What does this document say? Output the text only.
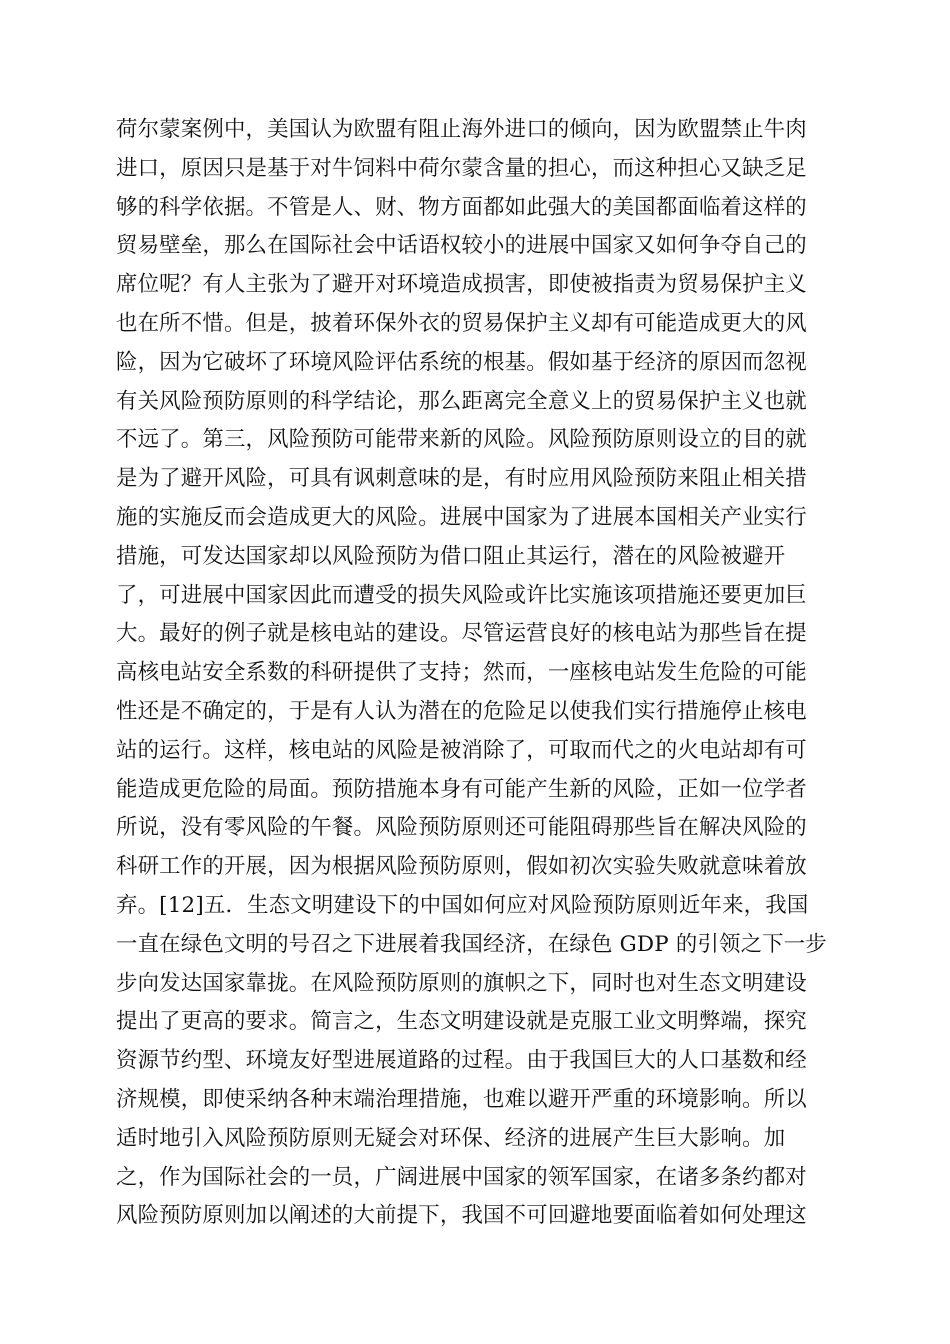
荷尔蒙案例中，美国认为欧盟有阻止海外进口的倾向，因为欧盟禁止牛肉
进口，原因只是基于对牛饲料中荷尔蒙含量的担心，而这种担心又缺乏足
够的科学依据。不管是人、财、物方面都如此强大的美国都面临着这样的
贸易壁垒，那么在国际社会中话语权较小的进展中国家又如何争夺自己的
席位呢？有人主张为了避开对环境造成损害，即使被指责为贸易保护主义
也在所不惜。但是，披着环保外衣的贸易保护主义却有可能造成更大的风
险，因为它破坏了环境风险评估系统的根基。假如基于经济的原因而忽视
有关风险预防原则的科学结论，那么距离完全意义上的贸易保护主义也就
不远了。第三，风险预防可能带来新的风险。风险预防原则设立的目的就
是为了避开风险，可具有讽刺意味的是，有时应用风险预防来阻止相关措
施的实施反而会造成更大的风险。进展中国家为了进展本国相关产业实行
措施，可发达国家却以风险预防为借口阻止其运行，潜在的风险被避开
了，可进展中国家因此而遭受的损失风险或许比实施该项措施还要更加巨
大。最好的例子就是核电站的建设。尽管运营良好的核电站为那些旨在提
高核电站安全系数的科研提供了支持；然而，一座核电站发生危险的可能
性还是不确定的，于是有人认为潜在的危险足以使我们实行措施停止核电
站的运行。这样，核电站的风险是被消除了，可取而代之的火电站却有可
能造成更危险的局面。预防措施本身有可能产生新的风险，正如一位学者
所说，没有零风险的午餐。风险预防原则还可能阻碍那些旨在解决风险的
科研工作的开展，因为根据风险预防原则，假如初次实验失败就意味着放
弃。[12]五．生态文明建设下的中国如何应对风险预防原则近年来，我国
一直在绿色文明的号召之下进展着我国经济，在绿色 GDP 的引领之下一步
步向发达国家靠拢。在风险预防原则的旗帜之下，同时也对生态文明建设
提出了更高的要求。简言之，生态文明建设就是克服工业文明弊端，探究
资源节约型、环境友好型进展道路的过程。由于我国巨大的人口基数和经
济规模，即使采纳各种末端治理措施，也难以避开严重的环境影响。所以
适时地引入风险预防原则无疑会对环保、经济的进展产生巨大影响。加
之，作为国际社会的一员，广阔进展中国家的领军国家，在诸多条约都对
风险预防原则加以阐述的大前提下，我国不可回避地要面临着如何处理这
